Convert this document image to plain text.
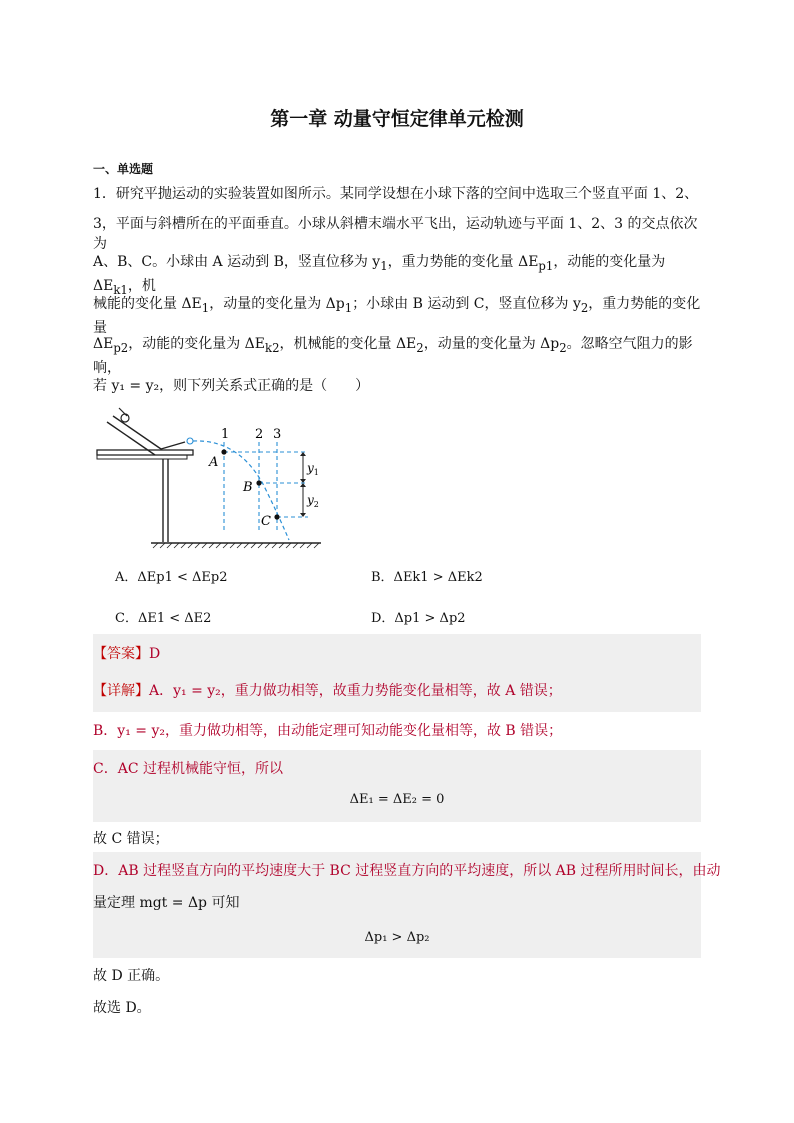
第一章 动量守恒定律单元检测
一、单选题
1．研究平抛运动的实验装置如图所示。某同学设想在小球下落的空间中选取三个竖直平面 1、2、
3，平面与斜槽所在的平面垂直。小球从斜槽末端水平飞出，运动轨迹与平面 1、2、3 的交点依次为
A、B、C。小球由 A 运动到 B，竖直位移为 $y_1$，重力势能的变化量 $\Delta E_{p1}$，动能的变化量为 $\Delta E_{k1}$，机
械能的变化量 $\Delta E_1$，动量的变化量为 $\Delta p_1$；小球由 B 运动到 C，竖直位移为 $y_2$，重力势能的变化量
$\Delta E_{p2}$，动能的变化量为 $\Delta E_{k2}$，机械能的变化量 $\Delta E_2$，动量的变化量为 $\Delta p_2$。忽略空气阻力的影响，
若 y₁ = y₂，则下列关系式正确的是（　　）
1 2 3
A
B
C
$y_1$
$y_2$
A．ΔEp1 < ΔEp2	B．ΔEk1 > ΔEk2
C．ΔE1 < ΔE2	D．Δp1 > Δp2
【答案】D
【详解】A．y₁ = y₂，重力做功相等，故重力势能变化量相等，故 A 错误；
B．y₁ = y₂，重力做功相等，由动能定理可知动能变化量相等，故 B 错误；
C．AC 过程机械能守恒，所以
ΔE₁ = ΔE₂ = 0
故 C 错误；
D．AB 过程竖直方向的平均速度大于 BC 过程竖直方向的平均速度，所以 AB 过程所用时间长，由动
量定理 mgt = Δp 可知
Δp₁ > Δp₂
故 D 正确。
故选 D。
